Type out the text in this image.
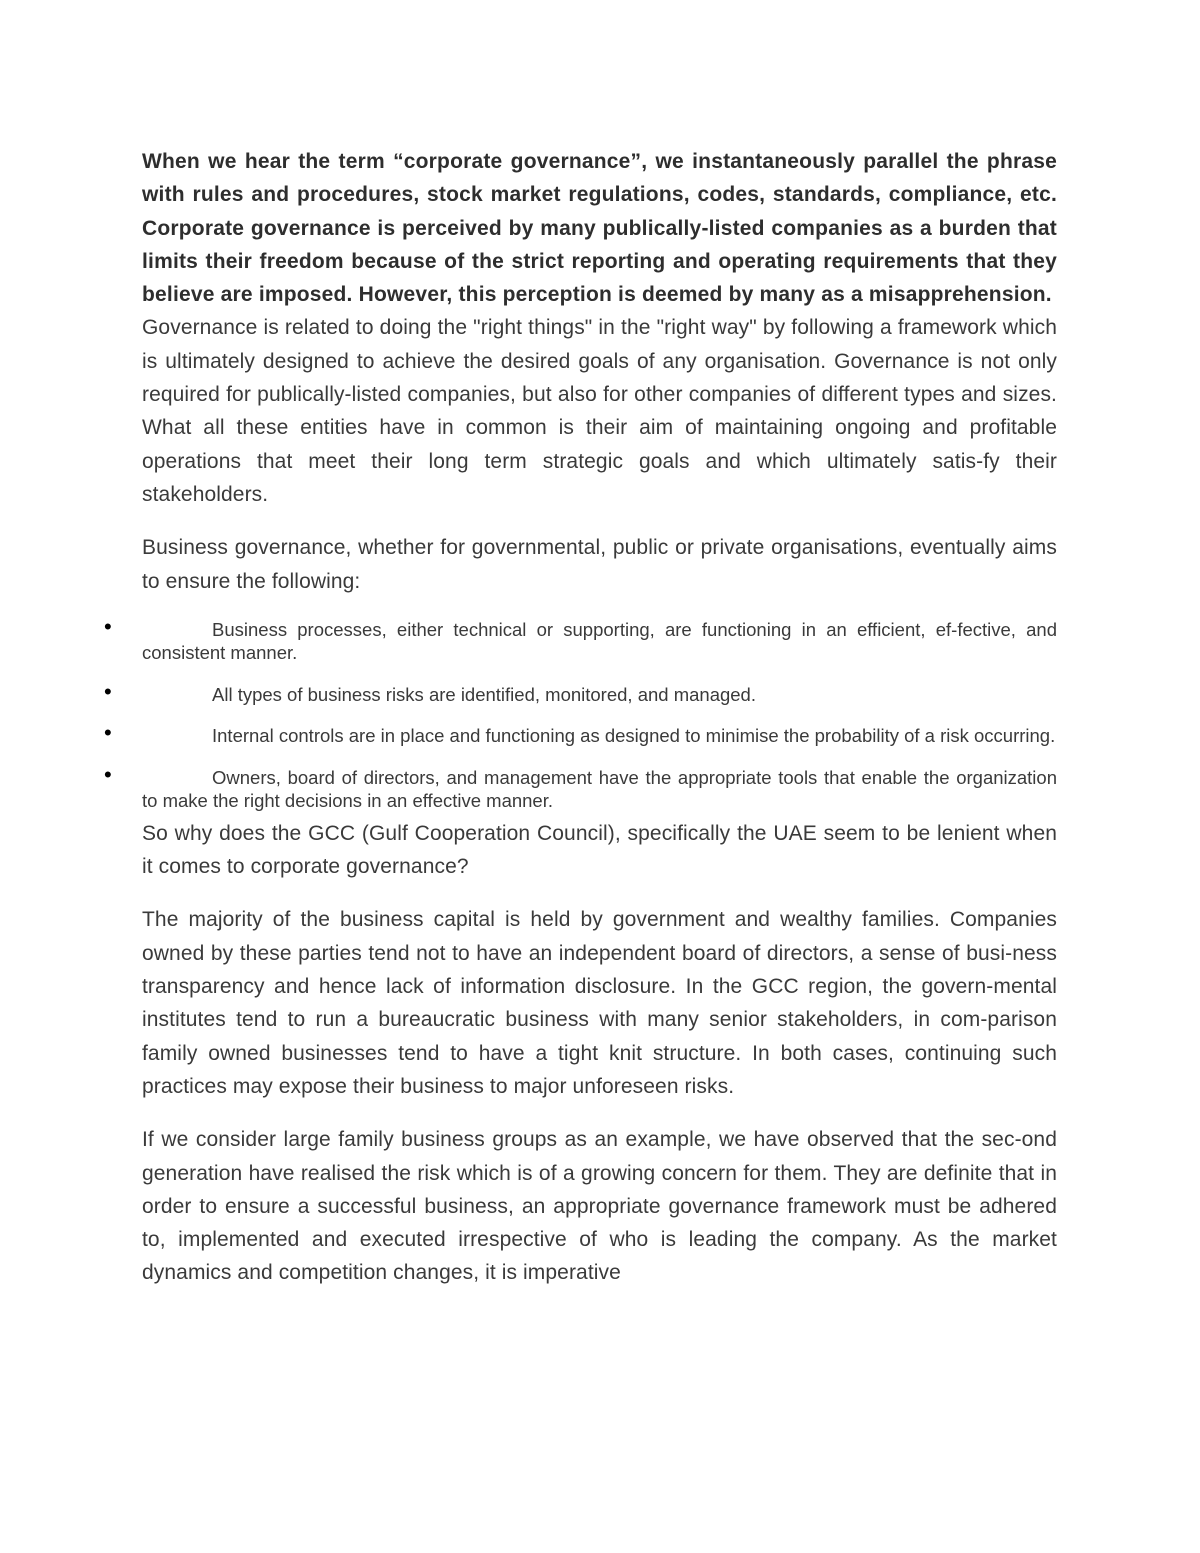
When we hear the term “corporate governance”, we instantaneously parallel the phrase with rules and procedures, stock market regulations, codes, standards, compliance, etc. Corporate governance is perceived by many publically-listed companies as a burden that limits their freedom because of the strict reporting and operating requirements that they believe are imposed. However, this perception is deemed by many as a misapprehension.

Governance is related to doing the "right things" in the "right way" by following a framework which is ultimately designed to achieve the desired goals of any organisation. Governance is not only required for publically-listed companies, but also for other companies of different types and sizes. What all these entities have in common is their aim of maintaining ongoing and profitable operations that meet their long term strategic goals and which ultimately satis-fy their stakeholders.

Business governance, whether for governmental, public or private organisations, eventually aims to ensure the following:

•	Business processes, either technical or supporting, are functioning in an efficient, ef-fective, and consistent manner.
•	All types of business risks are identified, monitored, and managed.
•	Internal controls are in place and functioning as designed to minimise the probability of a risk occurring.
•	Owners, board of directors, and management have the appropriate tools that enable the organization to make the right decisions in an effective manner.

So why does the GCC (Gulf Cooperation Council), specifically the UAE seem to be lenient when it comes to corporate governance?

The majority of the business capital is held by government and wealthy families. Companies owned by these parties tend not to have an independent board of directors, a sense of busi-ness transparency and hence lack of information disclosure. In the GCC region, the govern-mental institutes tend to run a bureaucratic business with many senior stakeholders, in com-parison family owned businesses tend to have a tight knit structure. In both cases, continuing such practices may expose their business to major unforeseen risks.

If we consider large family business groups as an example, we have observed that the sec-ond generation have realised the risk which is of a growing concern for them. They are definite that in order to ensure a successful business, an appropriate governance framework must be adhered to, implemented and executed irrespective of who is leading the company. As the market dynamics and competition changes, it is imperative
